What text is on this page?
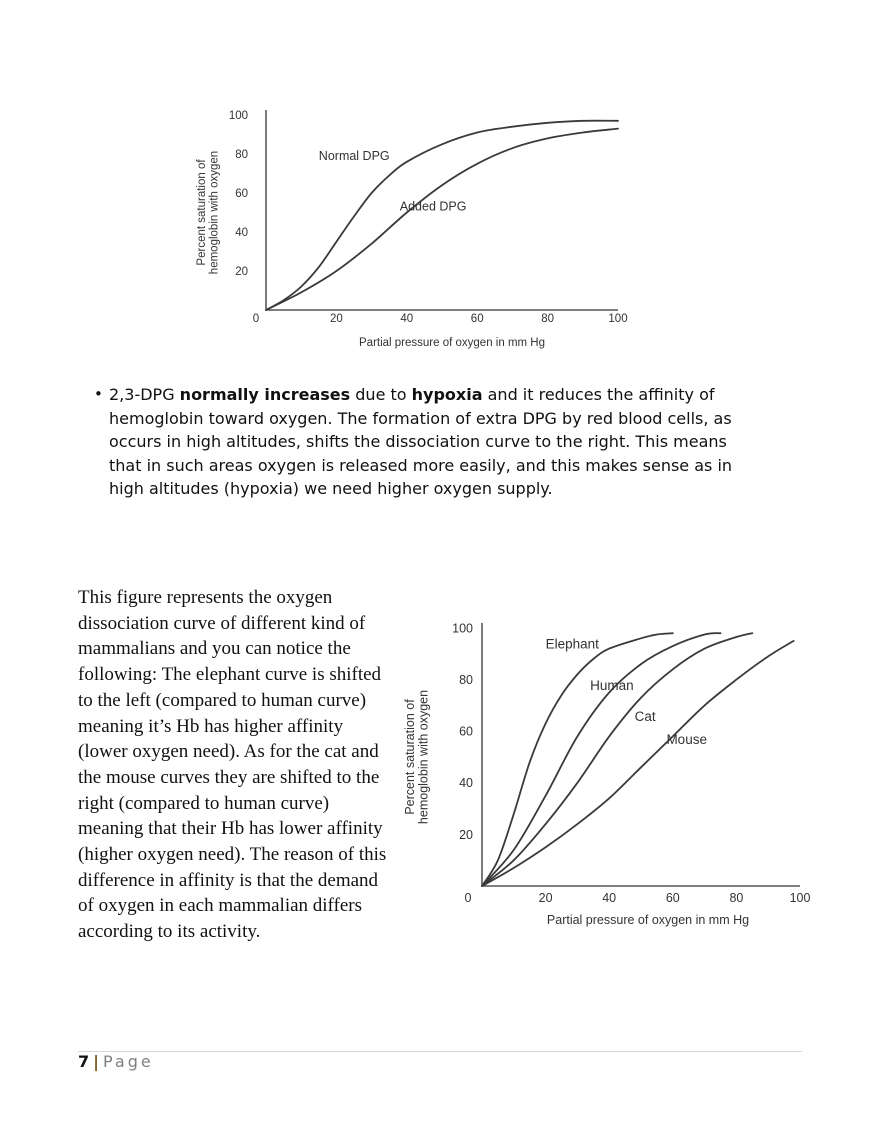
0	20	40	60	80	100
20
40
60
80
100
Partial pressure of oxygen in mm Hg
Percent saturation of hemoglobin with oxygen	Normal DPG
Added DPG
• 2,3-DPG normally increases due to hypoxia and it reduces the affinity of hemoglobin toward oxygen. The formation of extra DPG by red blood cells, as occurs in high altitudes, shifts the dissociation curve to the right. This means that in such areas oxygen is released more easily, and this makes sense as in high altitudes (hypoxia) we need higher oxygen supply.
This figure represents the oxygen dissociation curve of different kind of mammalians and you can notice the following: The elephant curve is shifted to the left (compared to human curve) meaning it’s Hb has higher affinity (lower oxygen need). As for the cat and the mouse curves they are shifted to the right (compared to human curve) meaning that their Hb has lower affinity (higher oxygen need). The reason of this difference in affinity is that the demand of oxygen in each mammalian differs according to its activity.
0	20	40	60	80	100
20
40
60
80
100
Partial pressure of oxygen in mm Hg
Percent saturation of hemoglobin with oxygen
Elephant
Human
Cat
Mouse
7 | Page
